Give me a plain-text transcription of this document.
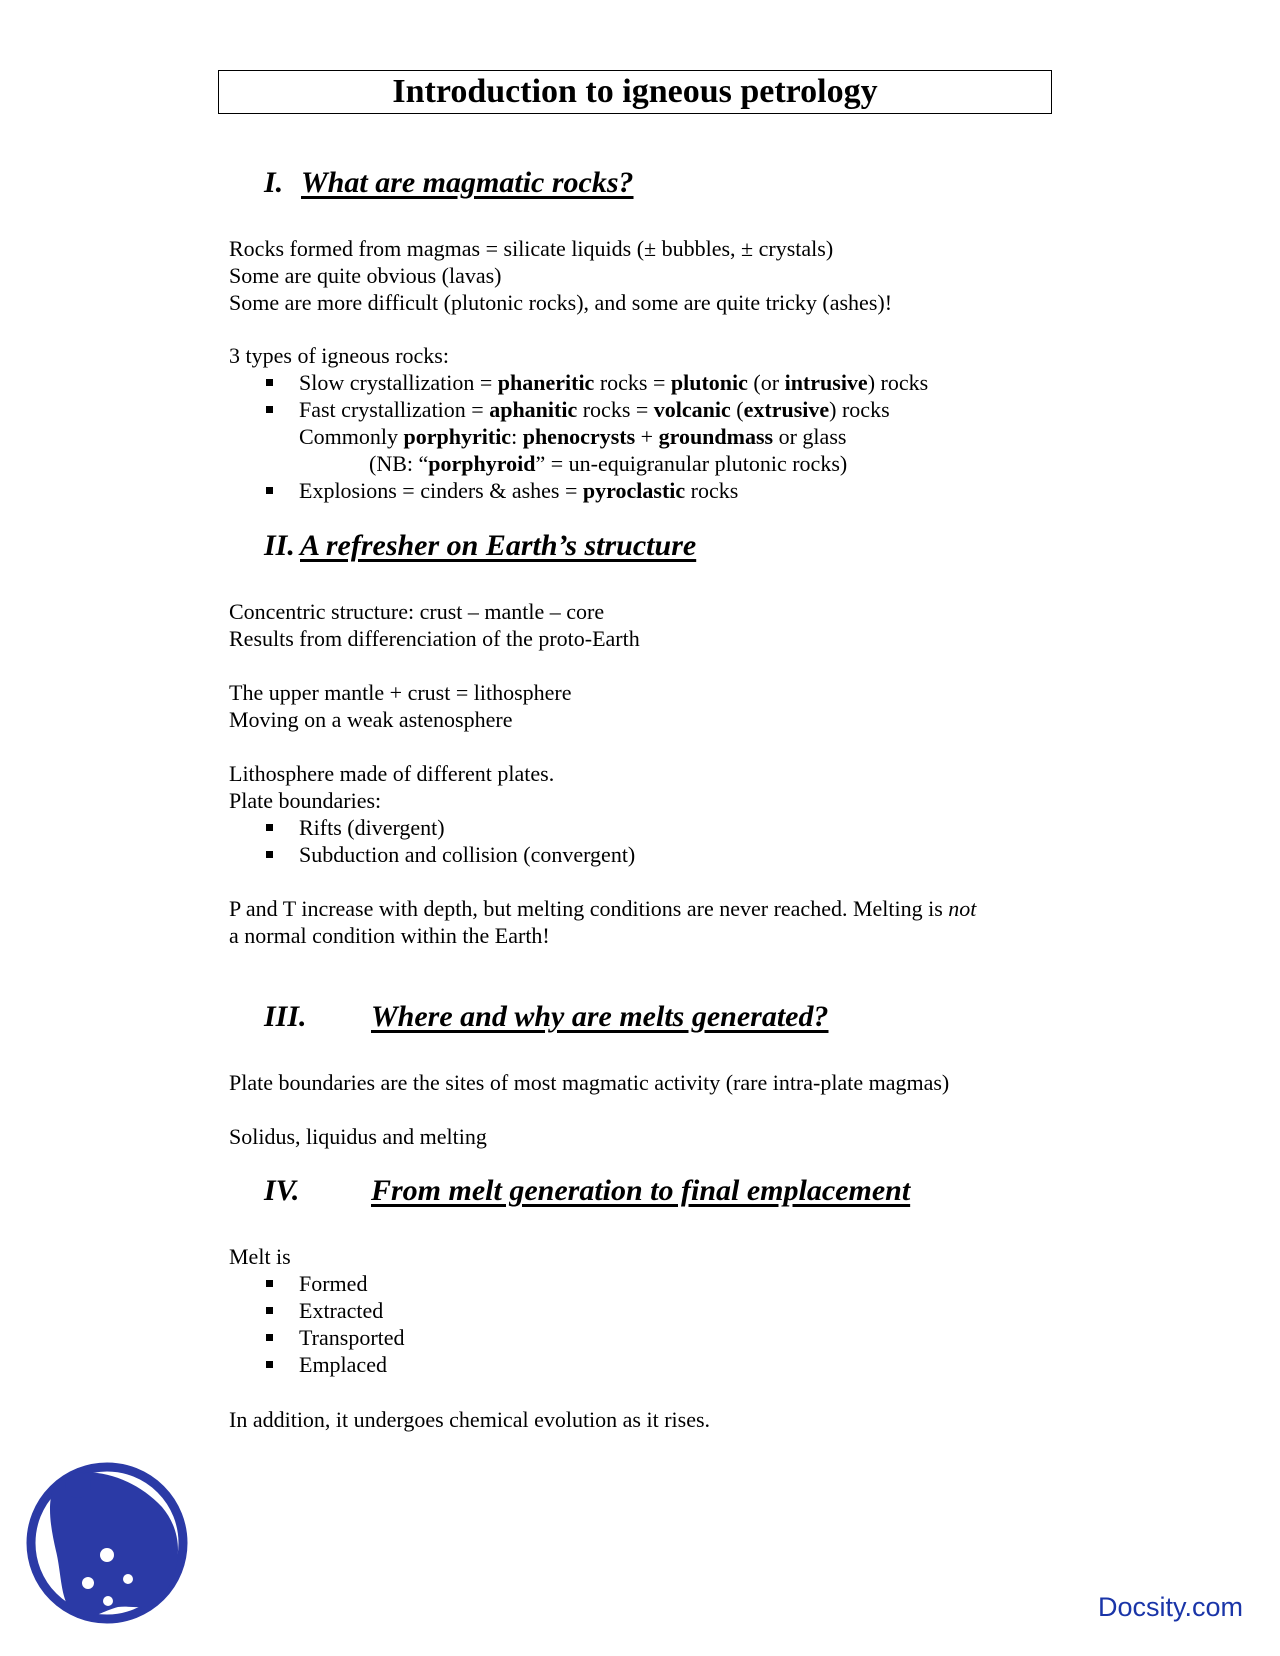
Introduction to igneous petrology
I. What are magmatic rocks?
Rocks formed from magmas = silicate liquids (± bubbles, ± crystals)
Some are quite obvious (lavas)
Some are more difficult (plutonic rocks), and some are quite tricky (ashes)!
3 types of igneous rocks:
Slow crystallization = phaneritic rocks = plutonic (or intrusive) rocks
Fast crystallization = aphanitic rocks = volcanic (extrusive) rocks
Commonly porphyritic: phenocrysts + groundmass or glass
(NB: “porphyroid” = un-equigranular plutonic rocks)
Explosions = cinders & ashes = pyroclastic rocks
II. A refresher on Earth’s structure
Concentric structure: crust – mantle – core
Results from differenciation of the proto-Earth
The upper mantle + crust = lithosphere
Moving on a weak astenosphere
Lithosphere made of different plates.
Plate boundaries:
Rifts (divergent)
Subduction and collision (convergent)
P and T increase with depth, but melting conditions are never reached. Melting is not
a normal condition within the Earth!
III. Where and why are melts generated?
Plate boundaries are the sites of most magmatic activity (rare intra-plate magmas)
Solidus, liquidus and melting
IV. From melt generation to final emplacement
Melt is
Formed
Extracted
Transported
Emplaced
In addition, it undergoes chemical evolution as it rises.
Docsity.com
